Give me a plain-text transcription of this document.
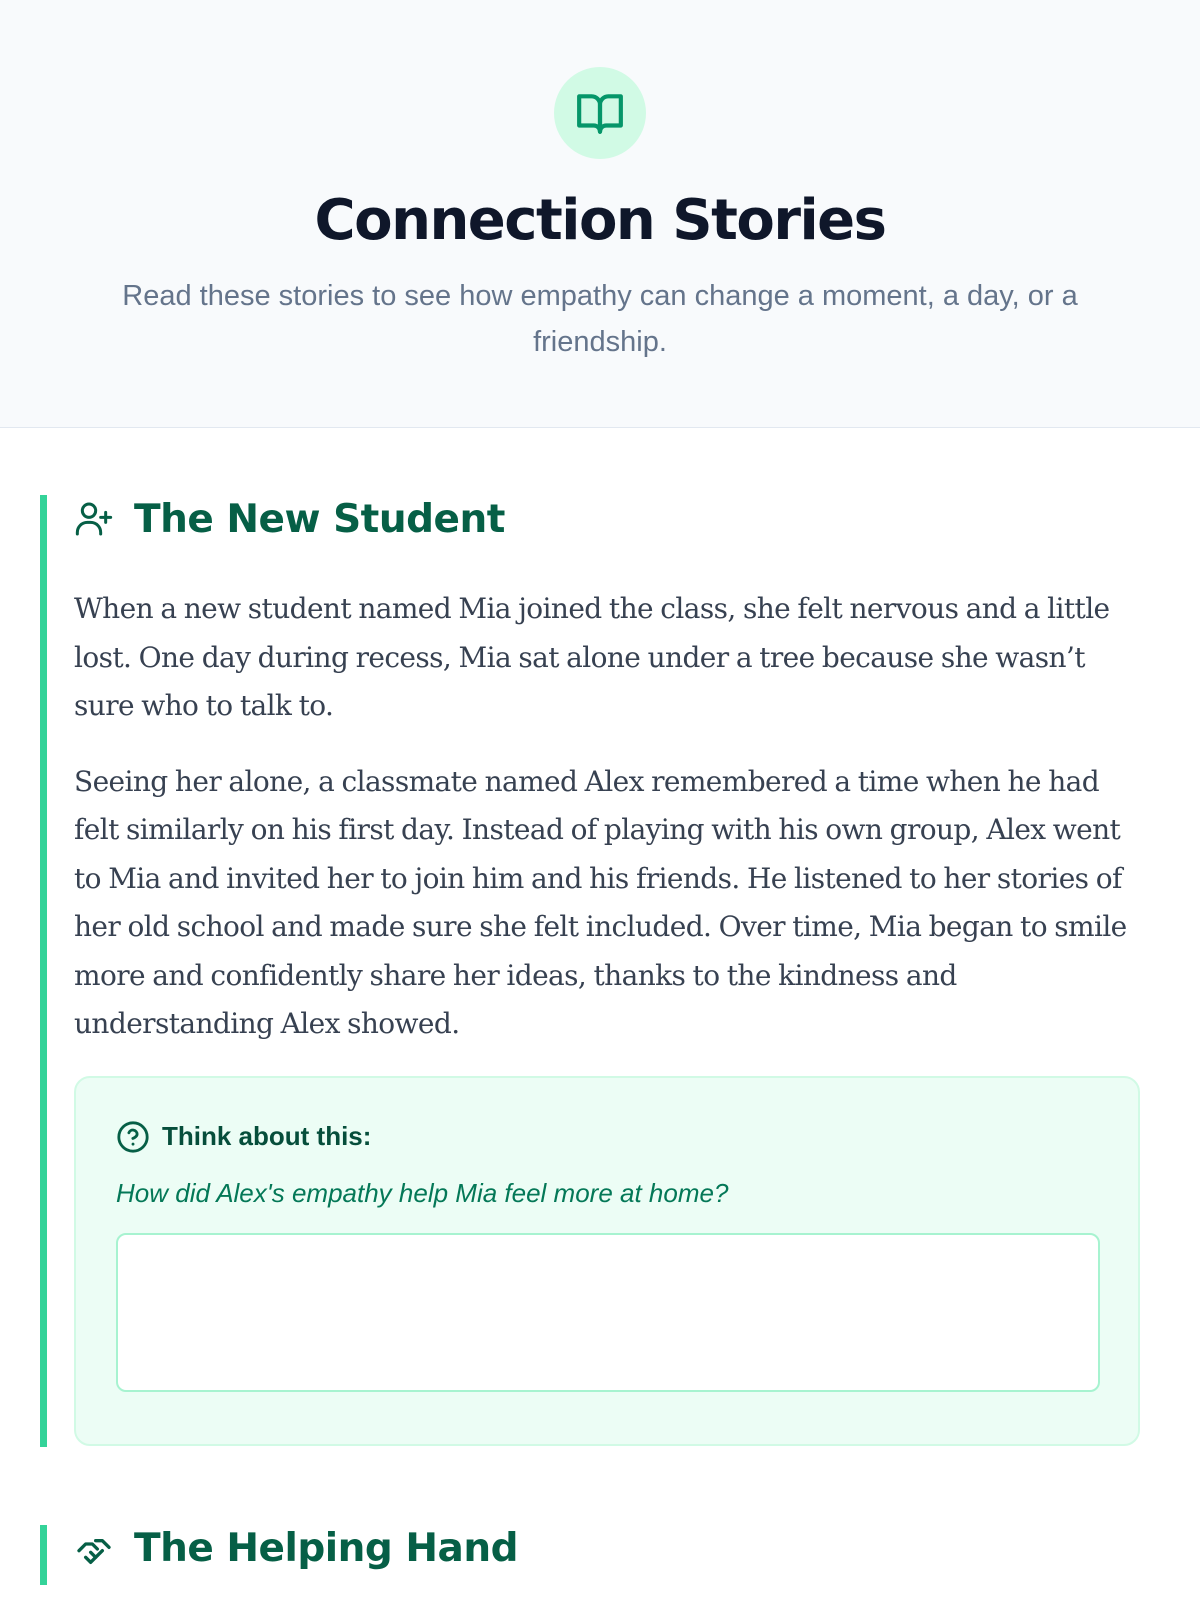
Connection Stories

Read these stories to see how empathy can change a moment, a day, or a friendship.

The New Student

When a new student named Mia joined the class, she felt nervous and a little lost. One day during recess, Mia sat alone under a tree because she wasn’t sure who to talk to.

Seeing her alone, a classmate named Alex remembered a time when he had felt similarly on his first day. Instead of playing with his own group, Alex went to Mia and invited her to join him and his friends. He listened to her stories of her old school and made sure she felt included. Over time, Mia began to smile more and confidently share her ideas, thanks to the kindness and understanding Alex showed.

Think about this:

How did Alex's empathy help Mia feel more at home?

The Helping Hand
